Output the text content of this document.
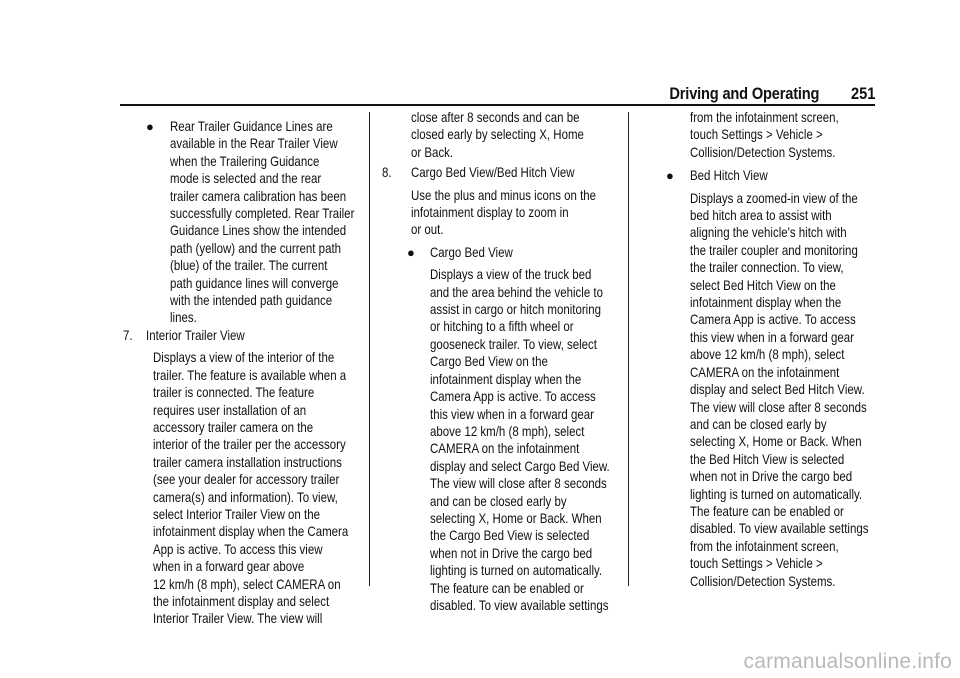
Driving and Operating 251
● Rear Trailer Guidance Lines are
available in the Rear Trailer View
when the Trailering Guidance
mode is selected and the rear
trailer camera calibration has been
successfully completed. Rear Trailer
Guidance Lines show the intended
path (yellow) and the current path
(blue) of the trailer. The current
path guidance lines will converge
with the intended path guidance
lines.
7. Interior Trailer View
Displays a view of the interior of the
trailer. The feature is available when a
trailer is connected. The feature
requires user installation of an
accessory trailer camera on the
interior of the trailer per the accessory
trailer camera installation instructions
(see your dealer for accessory trailer
camera(s) and information). To view,
select Interior Trailer View on the
infotainment display when the Camera
App is active. To access this view
when in a forward gear above
12 km/h (8 mph), select CAMERA on
the infotainment display and select
Interior Trailer View. The view will
close after 8 seconds and can be
closed early by selecting X, Home
or Back.
8. Cargo Bed View/Bed Hitch View
Use the plus and minus icons on the
infotainment display to zoom in
or out.
● Cargo Bed View
Displays a view of the truck bed
and the area behind the vehicle to
assist in cargo or hitch monitoring
or hitching to a fifth wheel or
gooseneck trailer. To view, select
Cargo Bed View on the
infotainment display when the
Camera App is active. To access
this view when in a forward gear
above 12 km/h (8 mph), select
CAMERA on the infotainment
display and select Cargo Bed View.
The view will close after 8 seconds
and can be closed early by
selecting X, Home or Back. When
the Cargo Bed View is selected
when not in Drive the cargo bed
lighting is turned on automatically.
The feature can be enabled or
disabled. To view available settings
from the infotainment screen,
touch Settings > Vehicle >
Collision/Detection Systems.
● Bed Hitch View
Displays a zoomed-in view of the
bed hitch area to assist with
aligning the vehicle's hitch with
the trailer coupler and monitoring
the trailer connection. To view,
select Bed Hitch View on the
infotainment display when the
Camera App is active. To access
this view when in a forward gear
above 12 km/h (8 mph), select
CAMERA on the infotainment
display and select Bed Hitch View.
The view will close after 8 seconds
and can be closed early by
selecting X, Home or Back. When
the Bed Hitch View is selected
when not in Drive the cargo bed
lighting is turned on automatically.
The feature can be enabled or
disabled. To view available settings
from the infotainment screen,
touch Settings > Vehicle >
Collision/Detection Systems.
carmanualsonline.info
